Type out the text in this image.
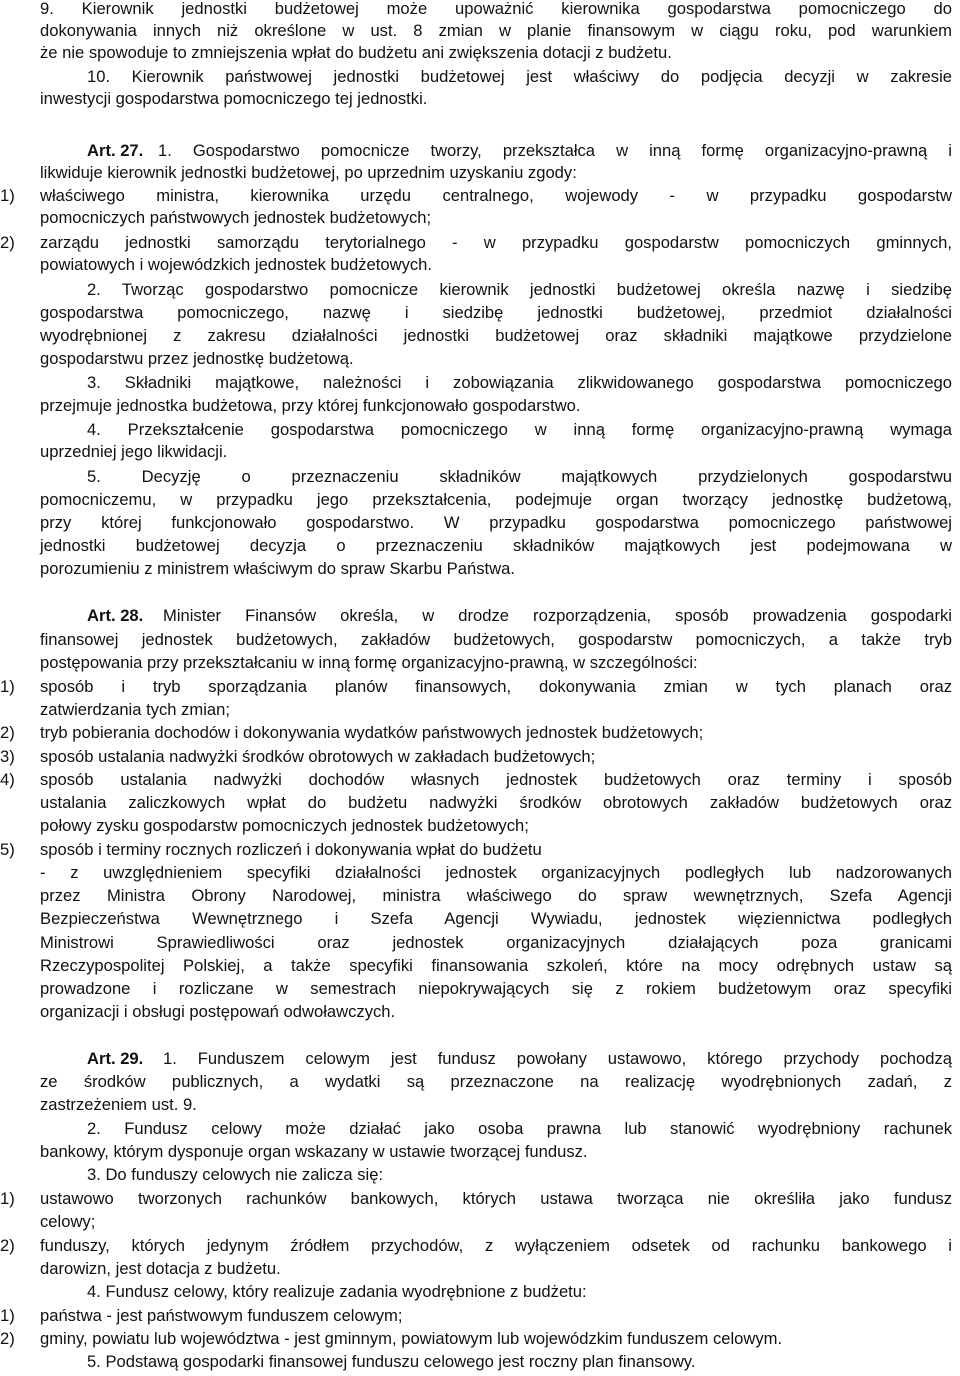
9. Kierownik jednostki budżetowej może upoważnić kierownika gospodarstwa pomocniczego do
dokonywania innych niż określone w ust. 8 zmian w planie finansowym w ciągu roku, pod warunkiem
że nie spowoduje to zmniejszenia wpłat do budżetu ani zwiększenia dotacji z budżetu.
10. Kierownik państwowej jednostki budżetowej jest właściwy do podjęcia decyzji w zakresie
inwestycji gospodarstwa pomocniczego tej jednostki.
Art. 27. 1. Gospodarstwo pomocnicze tworzy, przekształca w inną formę organizacyjno-prawną i
likwiduje kierownik jednostki budżetowej, po uprzednim uzyskaniu zgody:
1)	właściwego ministra, kierownika urzędu centralnego, wojewody - w przypadku gospodarstw
pomocniczych państwowych jednostek budżetowych;
2)	zarządu jednostki samorządu terytorialnego - w przypadku gospodarstw pomocniczych gminnych,
powiatowych i wojewódzkich jednostek budżetowych.
2. Tworząc gospodarstwo pomocnicze kierownik jednostki budżetowej określa nazwę i siedzibę
gospodarstwa pomocniczego, nazwę i siedzibę jednostki budżetowej, przedmiot działalności
wyodrębnionej z zakresu działalności jednostki budżetowej oraz składniki majątkowe przydzielone
gospodarstwu przez jednostkę budżetową.
3. Składniki majątkowe, należności i zobowiązania zlikwidowanego gospodarstwa pomocniczego
przejmuje jednostka budżetowa, przy której funkcjonowało gospodarstwo.
4. Przekształcenie gospodarstwa pomocniczego w inną formę organizacyjno-prawną wymaga
uprzedniej jego likwidacji.
5. Decyzję o przeznaczeniu składników majątkowych przydzielonych gospodarstwu
pomocniczemu, w przypadku jego przekształcenia, podejmuje organ tworzący jednostkę budżetową,
przy której funkcjonowało gospodarstwo. W przypadku gospodarstwa pomocniczego państwowej
jednostki budżetowej decyzja o przeznaczeniu składników majątkowych jest podejmowana w
porozumieniu z ministrem właściwym do spraw Skarbu Państwa.
Art. 28.	Minister Finansów określa, w drodze rozporządzenia, sposób prowadzenia gospodarki
finansowej jednostek budżetowych, zakładów budżetowych, gospodarstw pomocniczych, a także tryb
postępowania przy przekształcaniu w inną formę organizacyjno-prawną, w szczególności:
1)	sposób i tryb sporządzania planów finansowych, dokonywania zmian w tych planach oraz
zatwierdzania tych zmian;
2)	tryb pobierania dochodów i dokonywania wydatków państwowych jednostek budżetowych;
3)	sposób ustalania nadwyżki środków obrotowych w zakładach budżetowych;
4)	sposób ustalania nadwyżki dochodów własnych jednostek budżetowych oraz terminy i sposób
ustalania zaliczkowych wpłat do budżetu nadwyżki środków obrotowych zakładów budżetowych oraz
połowy zysku gospodarstw pomocniczych jednostek budżetowych;
5)	sposób i terminy rocznych rozliczeń i dokonywania wpłat do budżetu
- z uwzględnieniem specyfiki działalności jednostek organizacyjnych podległych lub nadzorowanych
przez Ministra Obrony Narodowej, ministra właściwego do spraw wewnętrznych, Szefa Agencji
Bezpieczeństwa Wewnętrznego i Szefa Agencji Wywiadu, jednostek więziennictwa podległych
Ministrowi Sprawiedliwości oraz jednostek organizacyjnych działających poza granicami
Rzeczypospolitej Polskiej, a także specyfiki finansowania szkoleń, które na mocy odrębnych ustaw są
prowadzone i rozliczane w semestrach niepokrywających się z rokiem budżetowym oraz specyfiki
organizacji i obsługi postępowań odwoławczych.
Art. 29.	1. Funduszem celowym jest fundusz powołany ustawowo, którego przychody pochodzą
ze środków publicznych, a wydatki są przeznaczone na realizację wyodrębnionych zadań, z
zastrzeżeniem ust. 9.
2. Fundusz celowy może działać jako osoba prawna lub stanowić wyodrębniony rachunek
bankowy, którym dysponuje organ wskazany w ustawie tworzącej fundusz.
3. Do funduszy celowych nie zalicza się:
1)	ustawowo tworzonych rachunków bankowych, których ustawa tworząca nie określiła jako fundusz
celowy;
2)	funduszy, których jedynym źródłem przychodów, z wyłączeniem odsetek od rachunku bankowego i
darowizn, jest dotacja z budżetu.
4. Fundusz celowy, który realizuje zadania wyodrębnione z budżetu:
1)	państwa - jest państwowym funduszem celowym;
2)	gminy, powiatu lub województwa - jest gminnym, powiatowym lub wojewódzkim funduszem celowym.
5. Podstawą gospodarki finansowej funduszu celowego jest roczny plan finansowy.
